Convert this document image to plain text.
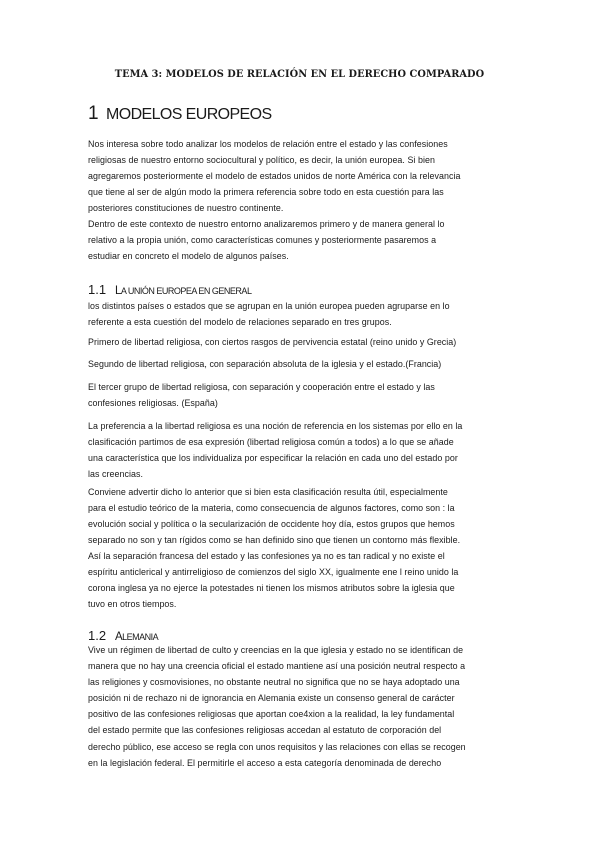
TEMA 3: MODELOS DE RELACIÓN EN EL DERECHO COMPARADO
1 MODELOS EUROPEOS

Nos interesa sobre todo analizar los modelos de relación entre el estado y las confesiones
religiosas de nuestro entorno sociocultural y político, es decir, la unión europea. Si bien
agregaremos posteriormente el modelo de estados unidos de norte América con la relevancia
que tiene al ser de algún modo la primera referencia sobre todo en esta cuestión para las
posteriores constituciones de nuestro continente.

Dentro de este contexto de nuestro entorno analizaremos primero y de manera general lo
relativo a la propia unión, como características comunes y posteriormente pasaremos a
estudiar en concreto el modelo de algunos países.

1.1 LA UNIÓN EUROPEA EN GENERAL

los distintos países o estados que se agrupan en la unión europea pueden agruparse en lo
referente a esta cuestión del modelo de relaciones separado en tres grupos.

Primero de libertad religiosa, con ciertos rasgos de pervivencia estatal (reino unido y Grecia)

Segundo de libertad religiosa, con separación absoluta de la iglesia y el estado.(Francia)

El tercer grupo de libertad religiosa, con separación y cooperación entre el estado y las
confesiones religiosas. (España)

La preferencia a la libertad religiosa es una noción de referencia en los sistemas por ello en la
clasificación partimos de esa expresión (libertad religiosa común a todos) a lo que se añade
una característica que los individualiza por especificar la relación en cada uno del estado por
las creencias.

Conviene advertir dicho lo anterior que si bien esta clasificación resulta útil, especialmente
para el estudio teórico de la materia, como consecuencia de algunos factores, como son : la
evolución social y política o la secularización de occidente hoy día, estos grupos que hemos
separado no son y tan rígidos como se han definido sino que tienen un contorno más flexible.

Así la separación francesa del estado y las confesiones ya no es tan radical y no existe el
espíritu anticlerical y antirreligioso de comienzos del siglo XX, igualmente ene l reino unido la
corona inglesa ya no ejerce la potestades ni tienen los mismos atributos sobre la iglesia que
tuvo en otros tiempos.

1.2 ALEMANIA

Vive un régimen de libertad de culto y creencias en la que iglesia y estado no se identifican de
manera que no hay una creencia oficial el estado mantiene así una posición neutral respecto a
las religiones y cosmovisiones, no obstante neutral no significa que no se haya adoptado una
posición ni de rechazo ni de ignorancia en Alemania existe un consenso general de carácter
positivo de las confesiones religiosas que aportan coe4xion a la realidad, la ley fundamental
del estado permite que las confesiones religiosas accedan al estatuto de corporación del
derecho público, ese acceso se regla con unos requisitos y las relaciones con ellas se recogen
en la legislación federal. El permitirle el acceso a esta categoría denominada de derecho
